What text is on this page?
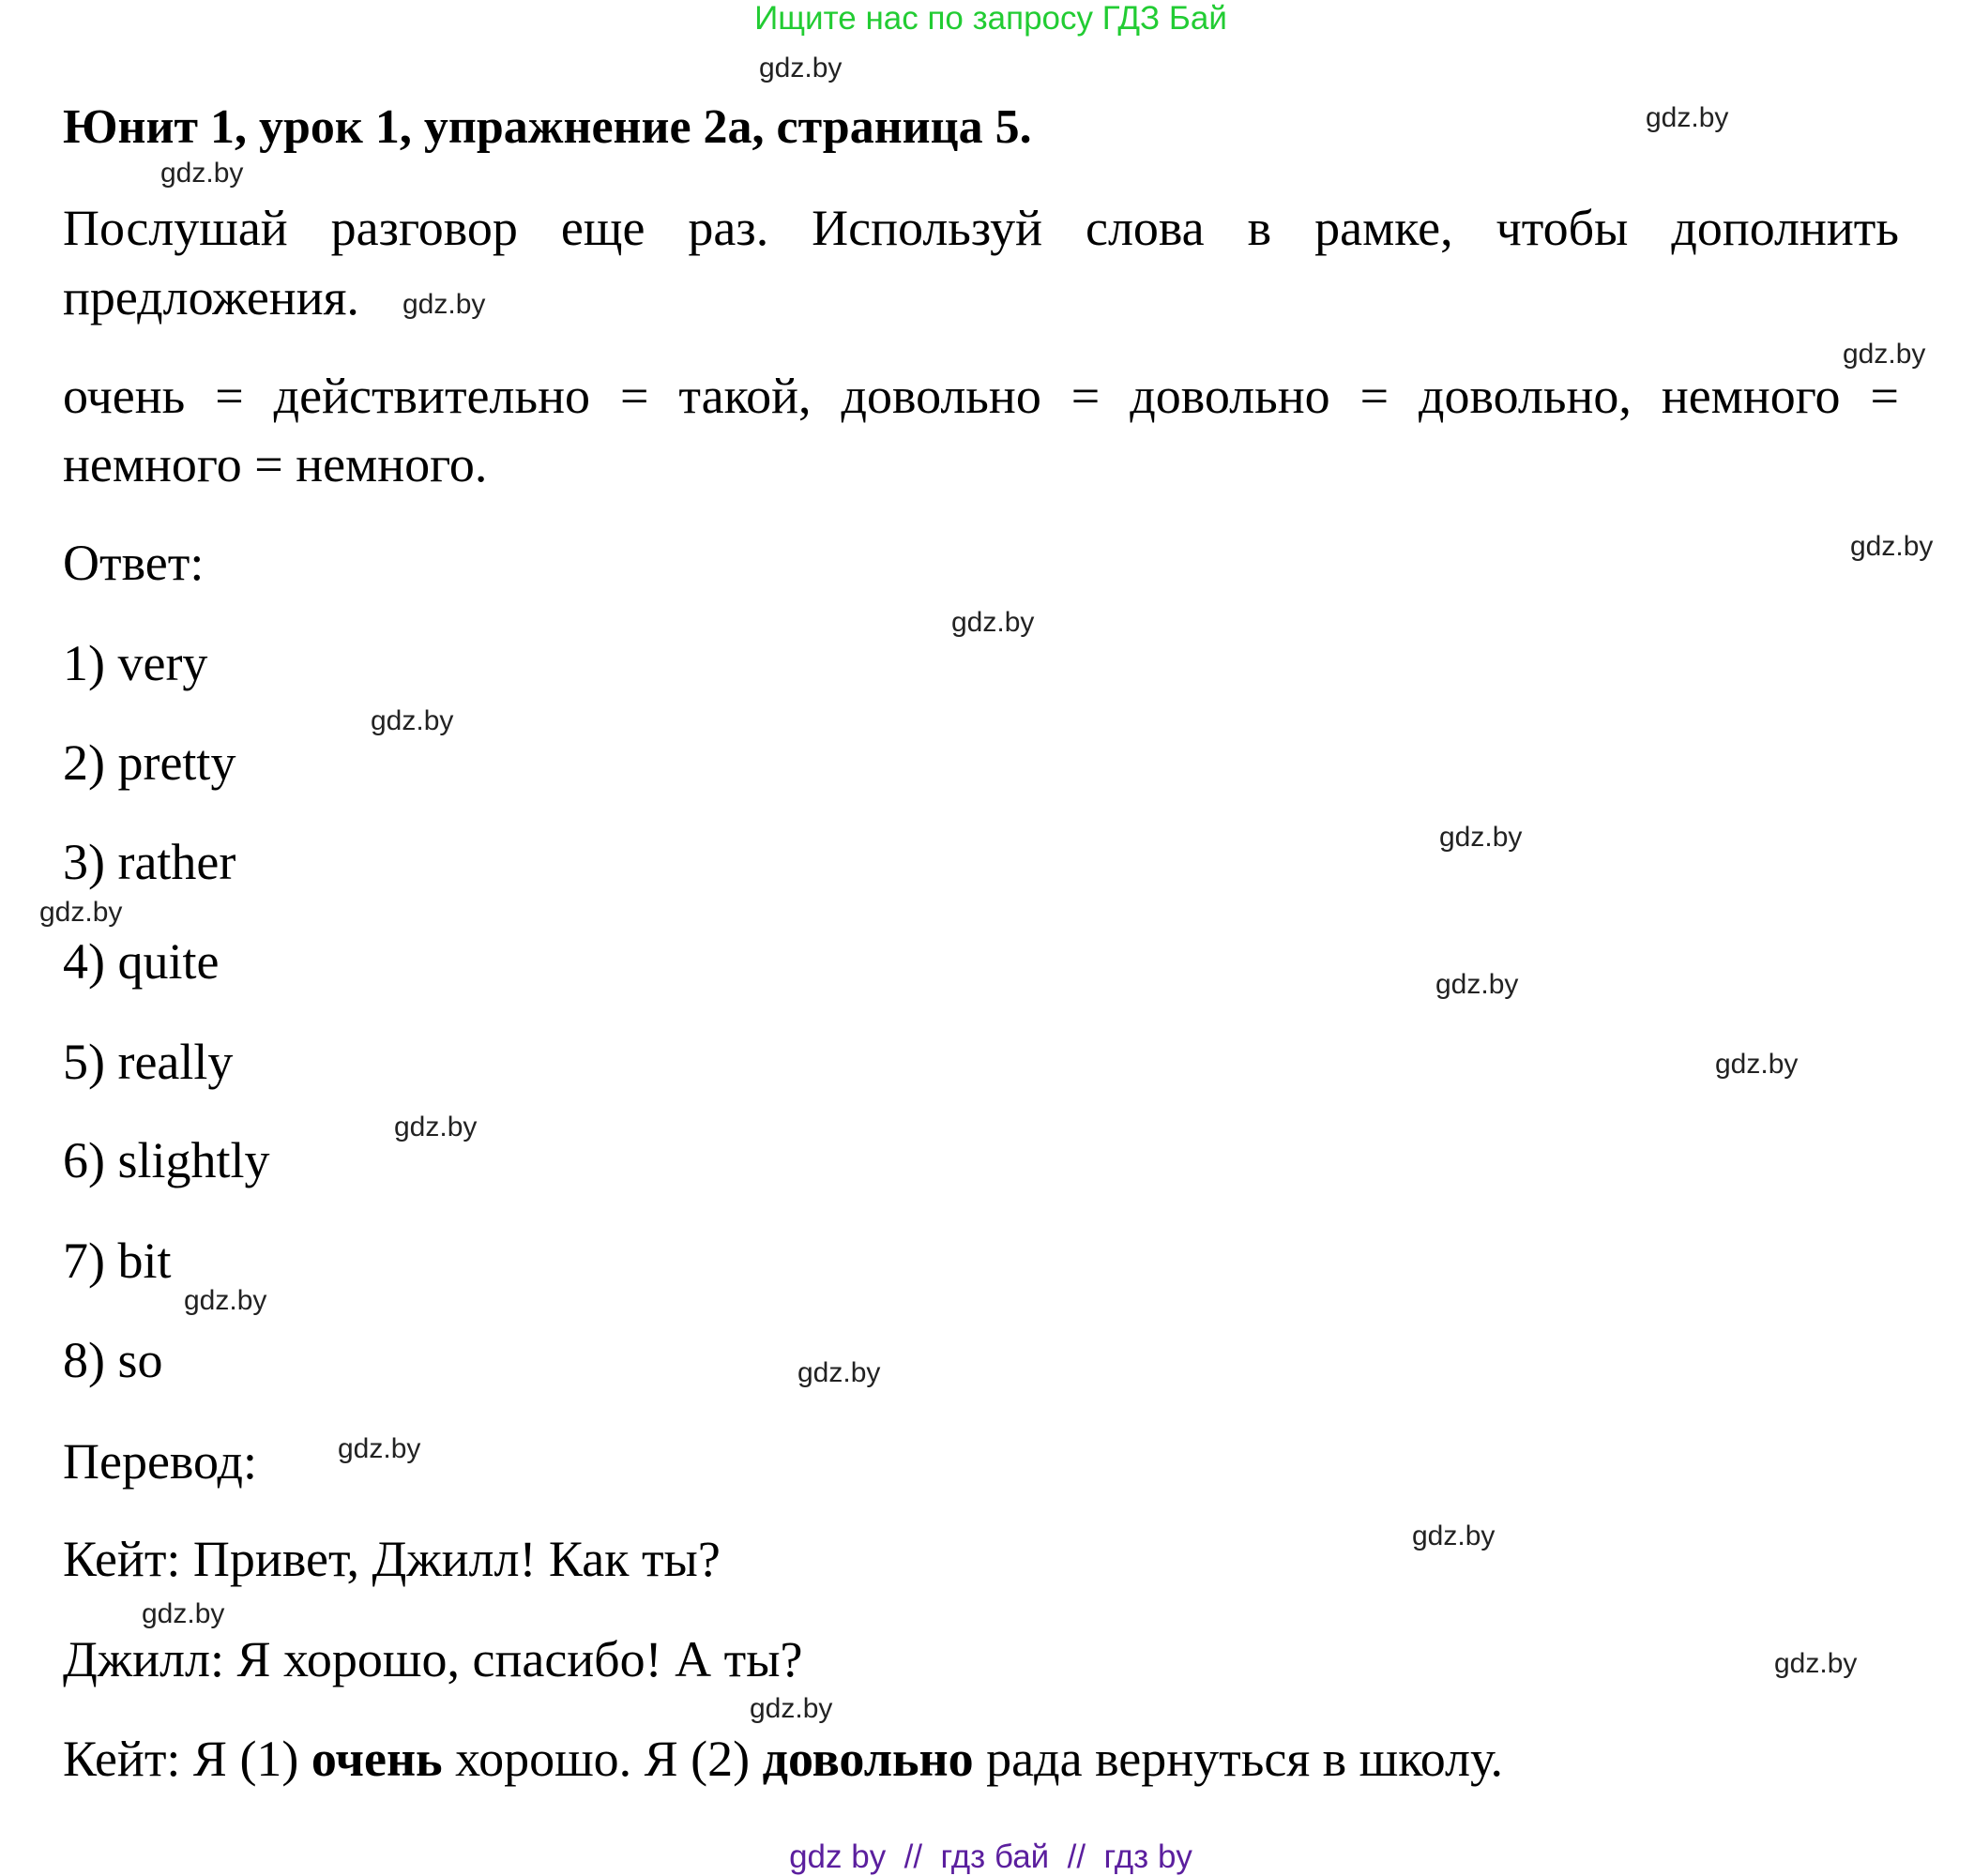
Ищите нас по запросу ГДЗ Бай
Юнит 1, урок 1, упражнение 2а, страница 5.
Послушай разговор еще раз. Используй слова в рамке, чтобы дополнить
предложения.
очень = действительно = такой, довольно = довольно = довольно, немного =
немного = немного.
Ответ:
1) very
2) pretty
3) rather
4) quite
5) really
6) slightly
7) bit
8) so
Перевод:
Кейт: Привет, Джилл! Как ты?
Джилл: Я хорошо, спасибо! А ты?
Кейт: Я (1) очень хорошо. Я (2) довольно рада вернуться в школу.
gdz.by
gdz.by
gdz.by
gdz.by
gdz.by
gdz.by
gdz.by
gdz.by
gdz.by
gdz.by
gdz.by
gdz.by
gdz.by
gdz.by
gdz.by
gdz.by
gdz.by
gdz.by
gdz.by
gdz.by
gdz by  //  гдз бай  //  гдз by
